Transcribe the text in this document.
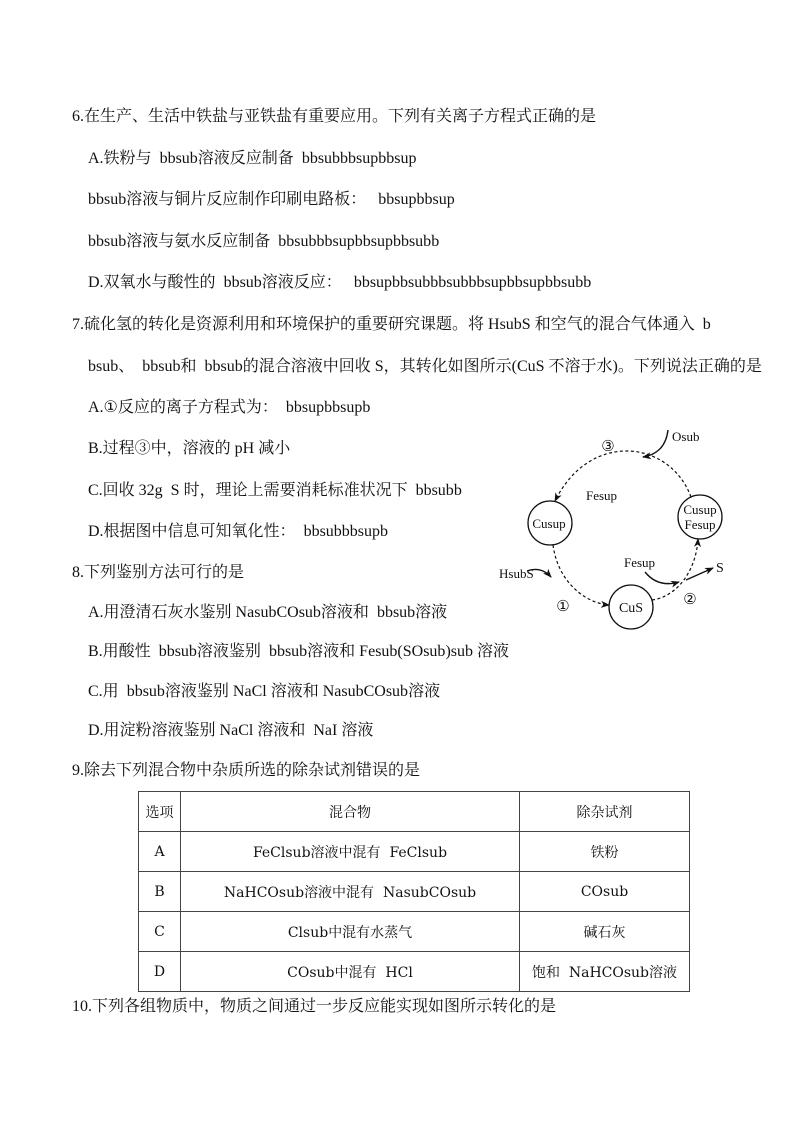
6.在生产、生活中铁盐与亚铁盐有重要应用。下列有关离子方程式正确的是
A.铁粉与  bbsub溶液反应制备  bbsubbbsupbbsup
bbsub溶液与铜片反应制作印刷电路板：   bbsupbbsup
bbsub溶液与氨水反应制备  bbsubbbsupbbsupbbsubb
D.双氧水与酸性的  bbsub溶液反应：   bbsupbbsubbbsubbbsupbbsupbbsubb
7.硫化氢的转化是资源利用和环境保护的重要研究课题。将 HsubS 和空气的混合气体通入  b
bsub、  bbsub和  bbsub的混合溶液中回收 S，其转化如图所示(CuS 不溶于水)。下列说法正确的是
A.①反应的离子方程式为：  bbsupbbsupb
B.过程③中，溶液的 pH 减小
C.回收 32g  S 时，理论上需要消耗标准状况下  bbsubb
D.根据图中信息可知氧化性：  bbsubbbsupb
③
Osub
Fesup
Cusup
Cusup
Fesup
HsubS
①	CuS
Fesup	S
②
8.下列鉴别方法可行的是
A.用澄清石灰水鉴别 NasubCOsub溶液和  bbsub溶液
B.用酸性  bbsub溶液鉴别  bbsub溶液和 Fesub(SOsub)sub 溶液
C.用  bbsub溶液鉴别 NaCl 溶液和 NasubCOsub溶液
D.用淀粉溶液鉴别 NaCl 溶液和  NaI 溶液
9.除去下列混合物中杂质所选的除杂试剂错误的是
选项	混合物	除杂试剂
A	FeClsub溶液中混有  FeClsub	铁粉
B	NaHCOsub溶液中混有  NasubCOsub	COsub
C	Clsub中混有水蒸气	碱石灰
D	COsub中混有  HCl	饱和  NaHCOsub溶液
10.下列各组物质中，物质之间通过一步反应能实现如图所示转化的是
